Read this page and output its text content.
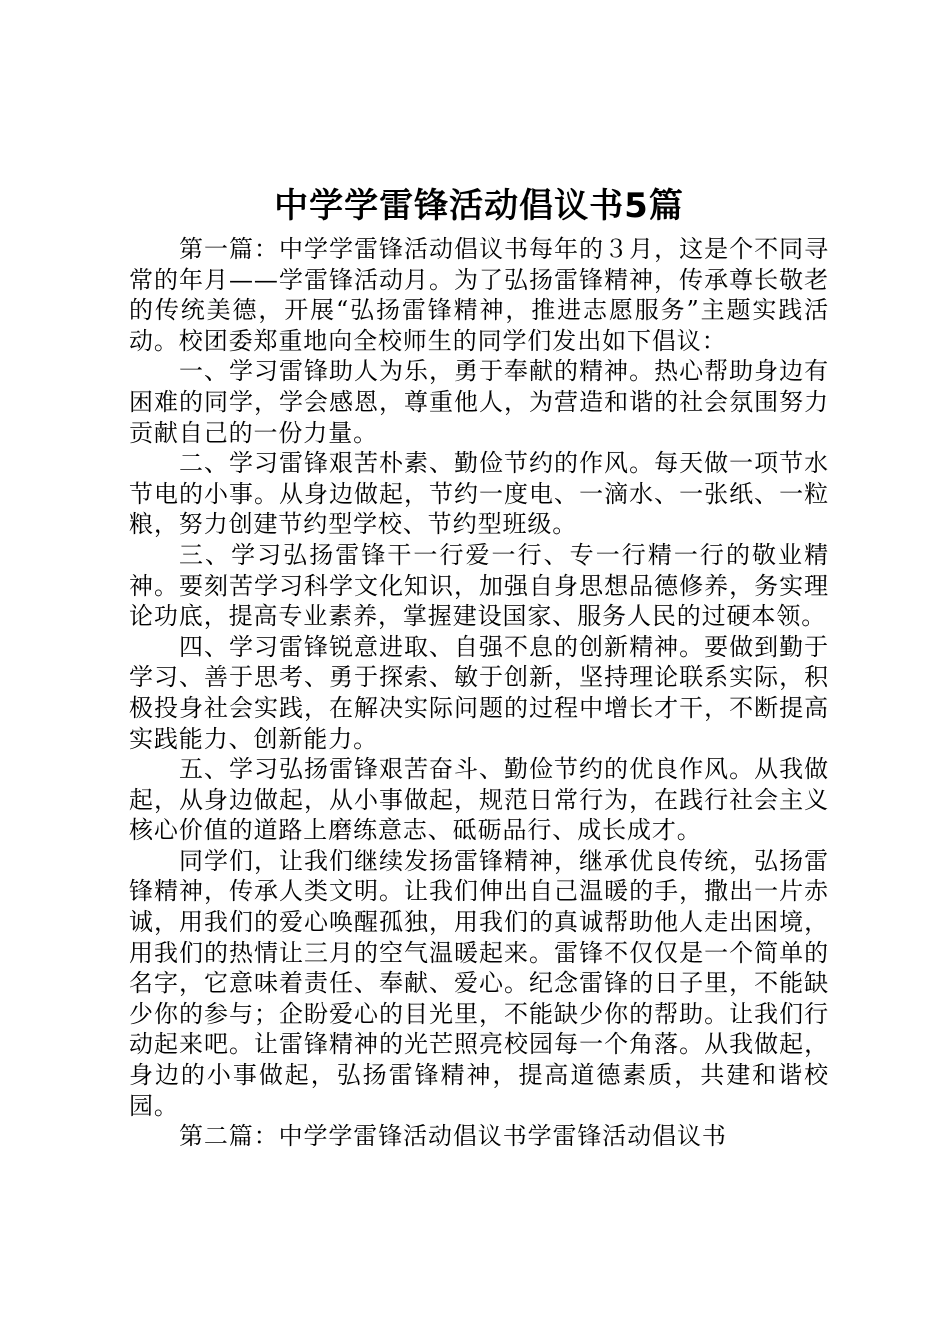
中学学雷锋活动倡议书5篇

第一篇：中学学雷锋活动倡议书每年的３月，这是个不同寻常的年月——学雷锋活动月。为了弘扬雷锋精神，传承尊长敬老的传统美德，开展“弘扬雷锋精神，推进志愿服务”主题实践活动。校团委郑重地向全校师生的同学们发出如下倡议：

一、学习雷锋助人为乐，勇于奉献的精神。热心帮助身边有困难的同学，学会感恩，尊重他人，为营造和谐的社会氛围努力贡献自己的一份力量。

二、学习雷锋艰苦朴素、勤俭节约的作风。每天做一项节水节电的小事。从身边做起，节约一度电、一滴水、一张纸、一粒粮，努力创建节约型学校、节约型班级。

三、学习弘扬雷锋干一行爱一行、专一行精一行的敬业精神。要刻苦学习科学文化知识，加强自身思想品德修养，务实理论功底，提高专业素养，掌握建设国家、服务人民的过硬本领。

四、学习雷锋锐意进取、自强不息的创新精神。要做到勤于学习、善于思考、勇于探索、敏于创新，坚持理论联系实际，积极投身社会实践，在解决实际问题的过程中增长才干，不断提高实践能力、创新能力。

五、学习弘扬雷锋艰苦奋斗、勤俭节约的优良作风。从我做起，从身边做起，从小事做起，规范日常行为，在践行社会主义核心价值的道路上磨练意志、砥砺品行、成长成才。

同学们，让我们继续发扬雷锋精神，继承优良传统，弘扬雷锋精神，传承人类文明。让我们伸出自己温暖的手，撒出一片赤诚，用我们的爱心唤醒孤独，用我们的真诚帮助他人走出困境，用我们的热情让三月的空气温暖起来。雷锋不仅仅是一个简单的名字，它意味着责任、奉献、爱心。纪念雷锋的日子里，不能缺少你的参与；企盼爱心的目光里，不能缺少你的帮助。让我们行动起来吧。让雷锋精神的光芒照亮校园每一个角落。从我做起，身边的小事做起，弘扬雷锋精神，提高道德素质，共建和谐校园。

第二篇：中学学雷锋活动倡议书学雷锋活动倡议书
